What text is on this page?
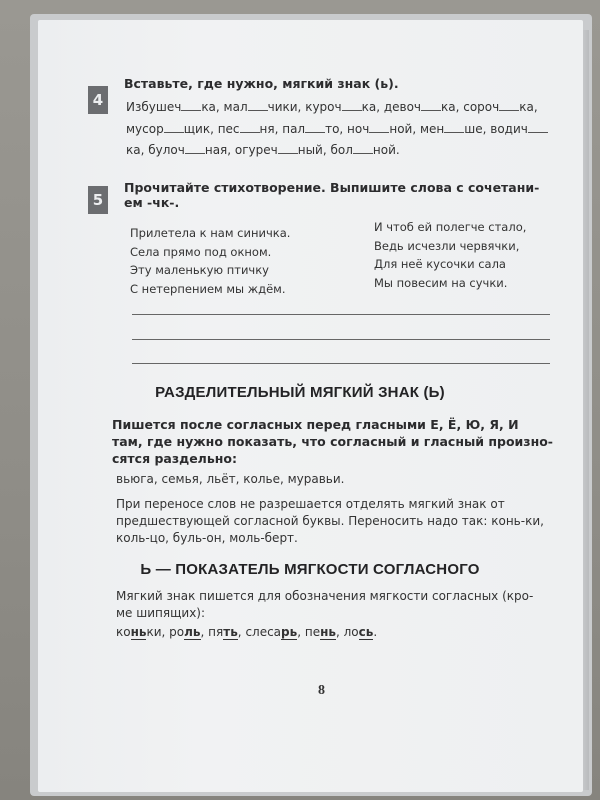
4
Вставьте, где нужно, мягкий знак (ь).
Избушеч ка, мал чики, куроч ка, девоч ка, сороч ка,
мусор щик, пес ня, пал то, ноч ной, мен ше, водич
ка, булоч ная, огуреч ный, бол ной.
5
Прочитайте стихотворение. Выпишите слова с сочетани-
ем -чк-.
Прилетела к нам синичка.
Села прямо под окном.
Эту маленькую птичку
С нетерпением мы ждём.
И чтоб ей полегче стало,
Ведь исчезли червячки,
Для неё кусочки сала
Мы повесим на сучки.
РАЗДЕЛИТЕЛЬНЫЙ МЯГКИЙ ЗНАК (Ь)
Пишется после согласных перед гласными Е, Ё, Ю, Я, И
там, где нужно показать, что согласный и гласный произно-
сятся раздельно:
вьюга, семья, льёт, колье, муравьи.
При переносе слов не разрешается отделять мягкий знак от
предшествующей согласной буквы. Переносить надо так: конь-ки,
коль-цо, буль-он, моль-берт.
Ь — ПОКАЗАТЕЛЬ МЯГКОСТИ СОГЛАСНОГО
Мягкий знак пишется для обозначения мягкости согласных (кро-
ме шипящих):
коньки, роль, пять, слесарь, пень, лось.
8
